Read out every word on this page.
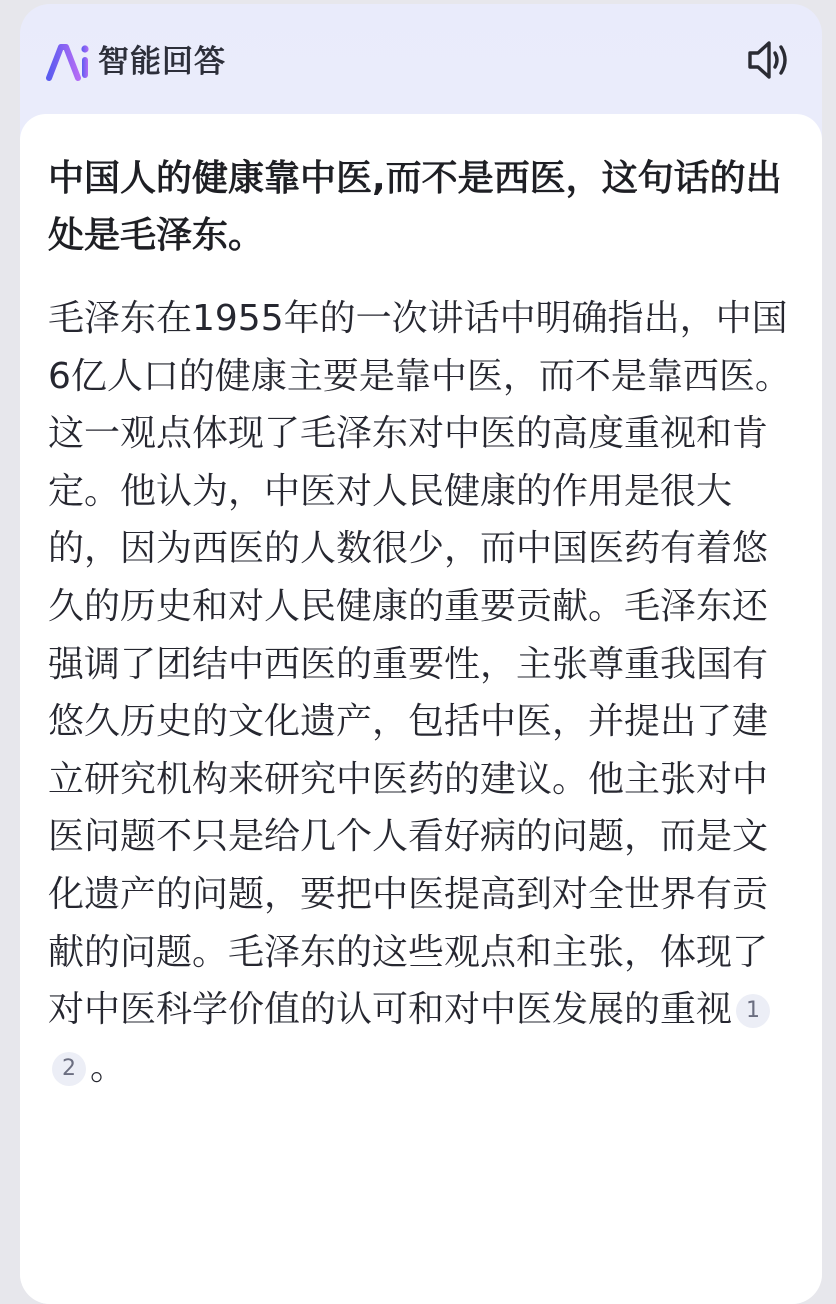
智能回答

中国人的健康靠中医,而不是西医，这句话的出处是毛泽东。

毛泽东在1955年的一次讲话中明确指出，中国6亿人口的健康主要是靠中医，而不是靠西医。这一观点体现了毛泽东对中医的高度重视和肯定。他认为，中医对人民健康的作用是很大的，因为西医的人数很少，而中国医药有着悠久的历史和对人民健康的重要贡献。毛泽东还强调了团结中西医的重要性，主张尊重我国有悠久历史的文化遗产，包括中医，并提出了建立研究机构来研究中医药的建议。他主张对中医问题不只是给几个人看好病的问题，而是文化遗产的问题，要把中医提高到对全世界有贡献的问题。毛泽东的这些观点和主张，体现了对中医科学价值的认可和对中医发展的重视 12 。
